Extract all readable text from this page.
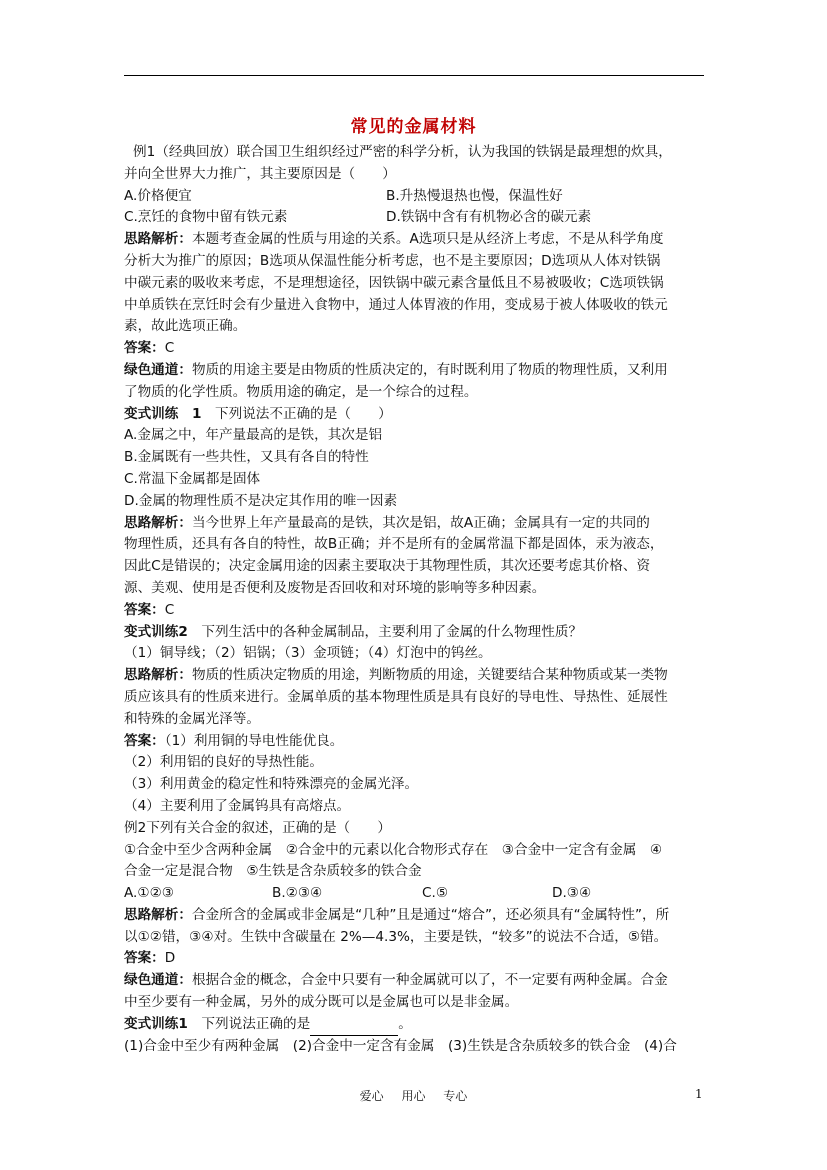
常见的金属材料

例1（经典回放）联合国卫生组织经过严密的科学分析，认为我国的铁锅是最理想的炊具，

并向全世界大力推广，其主要原因是（　　）

A.价格便宜	B.升热慢退热也慢，保温性好
C.烹饪的食物中留有铁元素	D.铁锅中含有有机物必含的碳元素

思路解析：本题考查金属的性质与用途的关系。A选项只是从经济上考虑，不是从科学角度

分析大为推广的原因；B选项从保温性能分析考虑，也不是主要原因；D选项从人体对铁锅

中碳元素的吸收来考虑，不是理想途径，因铁锅中碳元素含量低且不易被吸收；C选项铁锅

中单质铁在烹饪时会有少量进入食物中，通过人体胃液的作用，变成易于被人体吸收的铁元

素，故此选项正确。

答案：C

绿色通道：物质的用途主要是由物质的性质决定的，有时既利用了物质的物理性质，又利用

了物质的化学性质。物质用途的确定，是一个综合的过程。

变式训练　1　下列说法不正确的是（　　）

A.金属之中，年产量最高的是铁，其次是铝

B.金属既有一些共性，又具有各自的特性

C.常温下金属都是固体

D.金属的物理性质不是决定其作用的唯一因素

思路解析：当今世界上年产量最高的是铁，其次是铝，故A正确；金属具有一定的共同的

物理性质，还具有各自的特性，故B正确；并不是所有的金属常温下都是固体，汞为液态，

因此C是错误的；决定金属用途的因素主要取决于其物理性质，其次还要考虑其价格、资

源、美观、使用是否便利及废物是否回收和对环境的影响等多种因素。

答案：C

变式训练2　下列生活中的各种金属制品，主要利用了金属的什么物理性质？

（1）铜导线；（2）铝锅；（3）金项链；（4）灯泡中的钨丝。

思路解析：物质的性质决定物质的用途，判断物质的用途，关键要结合某种物质或某一类物

质应该具有的性质来进行。金属单质的基本物理性质是具有良好的导电性、导热性、延展性

和特殊的金属光泽等。

答案：（1）利用铜的导电性能优良。

（2）利用铝的良好的导热性能。

（3）利用黄金的稳定性和特殊漂亮的金属光泽。

（4）主要利用了金属钨具有高熔点。

例2下列有关合金的叙述，正确的是（　　）

①合金中至少含两种金属　②合金中的元素以化合物形式存在　③合金中一定含有金属　④

合金一定是混合物　⑤生铁是含杂质较多的铁合金

A.①②③	B.②③④	C.⑤	D.③④

思路解析：合金所含的金属或非金属是“几种”且是通过“熔合”，还必须具有“金属特性”，所

以①②错，③④对。生铁中含碳量在 2%—4.3%，主要是铁，“较多”的说法不合适，⑤错。

答案：D

绿色通道：根据合金的概念，合金中只要有一种金属就可以了，不一定要有两种金属。合金

中至少要有一种金属，另外的成分既可以是金属也可以是非金属。

变式训练1　下列说法正确的是	。

(1)合金中至少有两种金属　(2)合金中一定含有金属　(3)生铁是含杂质较多的铁合金　(4)合

爱心 用心 专心	1
